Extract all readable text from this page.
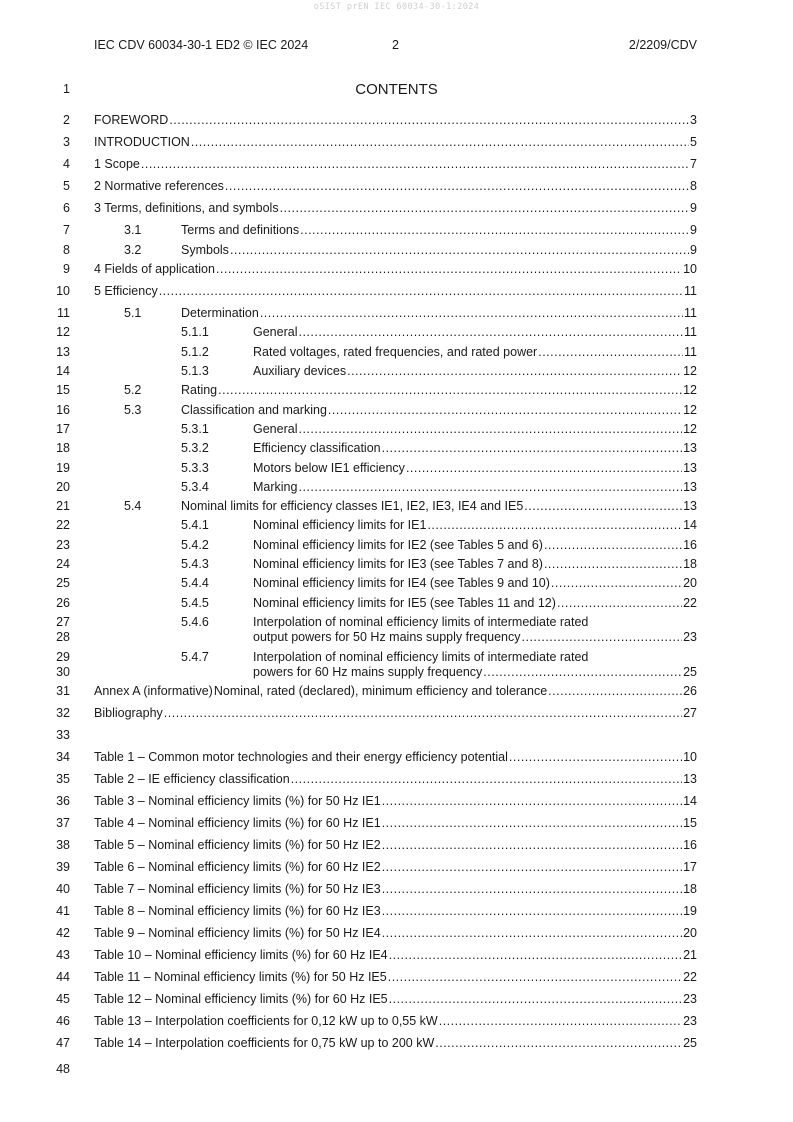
oSIST prEN IEC 60034-30-1:2024
IEC CDV 60034-30-1 ED2 © IEC 2024	2	2/2209/CDV
1	CONTENTS
2 FOREWORD .....	3
3 INTRODUCTION .....	5
4 1 Scope .....	7
5 2 Normative references .....	8
6 3 Terms, definitions, and symbols .....	9
7	3.1	Terms and definitions .....	9
8	3.2	Symbols .....	9
9 4 Fields of application .....	10
10 5 Efficiency .....	11
11	5.1	Determination .....	11
12	5.1.1	General .....	11
13	5.1.2	Rated voltages, rated frequencies, and rated power .....	11
14	5.1.3	Auxiliary devices .....	12
15	5.2	Rating .....	12
16	5.3	Classification and marking .....	12
17	5.3.1	General .....	12
18	5.3.2	Efficiency classification .....	13
19	5.3.3	Motors below IE1 efficiency .....	13
20	5.3.4	Marking .....	13
21	5.4	Nominal limits for efficiency classes IE1, IE2, IE3, IE4 and IE5 .....	13
22	5.4.1	Nominal efficiency limits for IE1 .....	14
23	5.4.2	Nominal efficiency limits for IE2 (see Tables 5 and 6) .....	16
24	5.4.3	Nominal efficiency limits for IE3 (see Tables 7 and 8) .....	18
25	5.4.4	Nominal efficiency limits for IE4 (see Tables 9 and 10) .....	20
26	5.4.5	Nominal efficiency limits for IE5 (see Tables 11 and 12) .....	22
27	5.4.6	Interpolation of nominal efficiency limits of intermediate rated
28	output powers for 50 Hz mains supply frequency .....	23
29	5.4.7	Interpolation of nominal efficiency limits of intermediate rated
30	powers for 60 Hz mains supply frequency .....	25
31 Annex A (informative) Nominal, rated (declared), minimum efficiency and tolerance .....	26
32 Bibliography .....	27
33
34 Table 1 – Common motor technologies and their energy efficiency potential .....	10
35 Table 2 – IE efficiency classification .....	13
36 Table 3 – Nominal efficiency limits (%) for 50 Hz IE1 .....	14
37 Table 4 – Nominal efficiency limits (%) for 60 Hz IE1 .....	15
38 Table 5 – Nominal efficiency limits (%) for 50 Hz IE2 .....	16
39 Table 6 – Nominal efficiency limits (%) for 60 Hz IE2 .....	17
40 Table 7 – Nominal efficiency limits (%) for 50 Hz IE3 .....	18
41 Table 8 – Nominal efficiency limits (%) for 60 Hz IE3 .....	19
42 Table 9 – Nominal efficiency limits (%) for 50 Hz IE4 .....	20
43 Table 10 – Nominal efficiency limits (%) for 60 Hz IE4 .....	21
44 Table 11 – Nominal efficiency limits (%) for 50 Hz IE5 .....	22
45 Table 12 – Nominal efficiency limits (%) for 60 Hz IE5 .....	23
46 Table 13 – Interpolation coefficients for 0,12 kW up to 0,55 kW .....	23
47 Table 14 – Interpolation coefficients for 0,75 kW up to 200 kW .....	25
48
